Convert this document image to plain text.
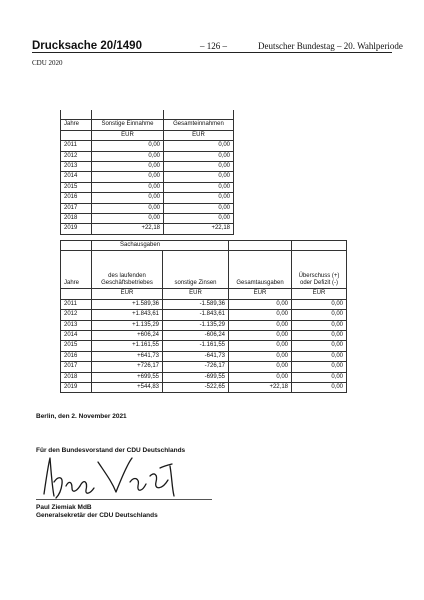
Drucksache 20/1490	– 126 –	Deutscher Bundestag – 20. Wahlperiode
CDU 2020

Jahre	Sonstige Einnahme	Gesamteinnahmen
	EUR	EUR
2011	0,00	0,00
2012	0,00	0,00
2013	0,00	0,00
2014	0,00	0,00
2015	0,00	0,00
2016	0,00	0,00
2017	0,00	0,00
2018	0,00	0,00
2019	+22,18	+22,18
	Sachausgaben			
Jahre	des laufenden Geschäftsbetriebes	sonstige Zinsen	Gesamtausgaben	Überschuss (+) oder Defizit (-)
	EUR	EUR	EUR	EUR
2011	+1.589,36	-1.589,36	0,00	0,00
2012	+1.843,61	-1.843,61	0,00	0,00
2013	+1.135,29	-1.135,29	0,00	0,00
2014	+606,24	-606,24	0,00	0,00
2015	+1.161,55	-1.161,55	0,00	0,00
2016	+641,73	-641,73	0,00	0,00
2017	+726,17	-726,17	0,00	0,00
2018	+699,55	-699,55	0,00	0,00
2019	+544,83	-522,65	+22,18	0,00
Berlin, den 2. November 2021
Für den Bundesvorstand der CDU Deutschlands
Paul Ziemiak MdB
Generalsekretär der CDU Deutschlands
